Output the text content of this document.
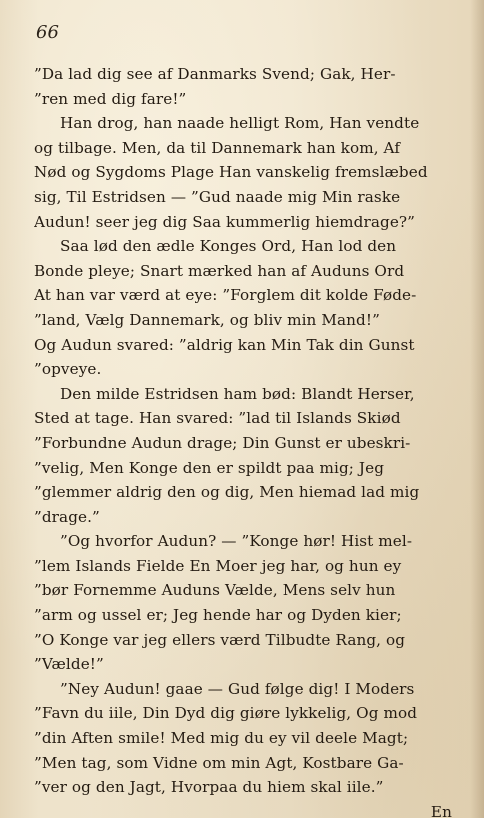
66
”Da lad dig see af Danmarks Svend; Gak, Her-
”ren med dig fare!”
Han drog, han naade helligt Rom, Han vendte
og tilbage. Men, da til Dannemark han kom, Af
Nød og Sygdoms Plage Han vanskelig fremslæbed
sig, Til Estridsen — ”Gud naade mig Min raske
Audun! seer jeg dig Saa kummerlig hiemdrage?”
Saa lød den ædle Konges Ord, Han lod den
Bonde pleye; Snart mærked han af Auduns Ord
At han var værd at eye: ”Forglem dit kolde Føde-
”land, Vælg Dannemark, og bliv min Mand!”
Og Audun svared: ”aldrig kan Min Tak din Gunst
”opveye.
Den milde Estridsen ham bød: Blandt Herser,
Sted at tage. Han svared: ”lad til Islands Skiød
”Forbundne Audun drage; Din Gunst er ubeskri-
”velig, Men Konge den er spildt paa mig; Jeg
”glemmer aldrig den og dig, Men hiemad lad mig
”drage.”
”Og hvorfor Audun? — ”Konge hør! Hist mel-
”lem Islands Fielde En Moer jeg har, og hun ey
”bør Fornemme Auduns Vælde, Mens selv hun
”arm og ussel er; Jeg hende har og Dyden kier;
”O Konge var jeg ellers værd Tilbudte Rang, og
”Vælde!”
”Ney Audun! gaae — Gud følge dig! I Moders
”Favn du iile, Din Dyd dig giøre lykkelig, Og mod
”din Aften smile! Med mig du ey vil deele Magt;
”Men tag, som Vidne om min Agt, Kostbare Ga-
”ver og den Jagt, Hvorpaa du hiem skal iile.”
En
